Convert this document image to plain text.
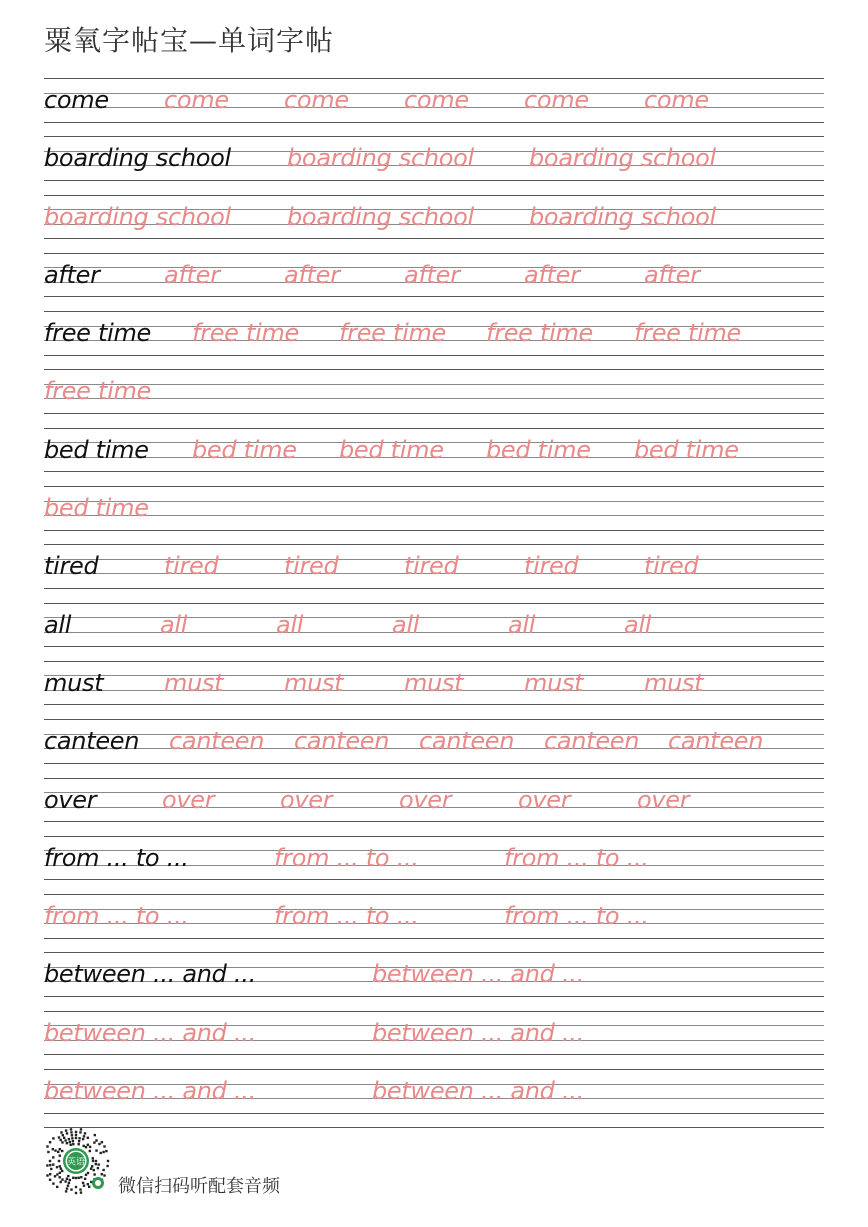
粟氧字帖宝—单词字帖
come come come come come come
boarding school boarding school boarding school
boarding school boarding school boarding school
after	after	after	after	after	after
free time free time free time free time free time
free time
bed time bed time bed time bed time bed time
bed time
tired	tired	tired	tired	tired	tired
all	all	all	all	all	all
must	must	must	must	must	must
canteen canteen canteen canteen canteen canteen
over	over	over	over	over	over
from ... to ...	from ... to ...	from ... to ...
from ... to ...	from ... to ...	from ... to ...
between ... and ...	between ... and ...
between ... and ...	between ... and ...
between ... and ...	between ... and ...
英语
微信扫码听配套音频
